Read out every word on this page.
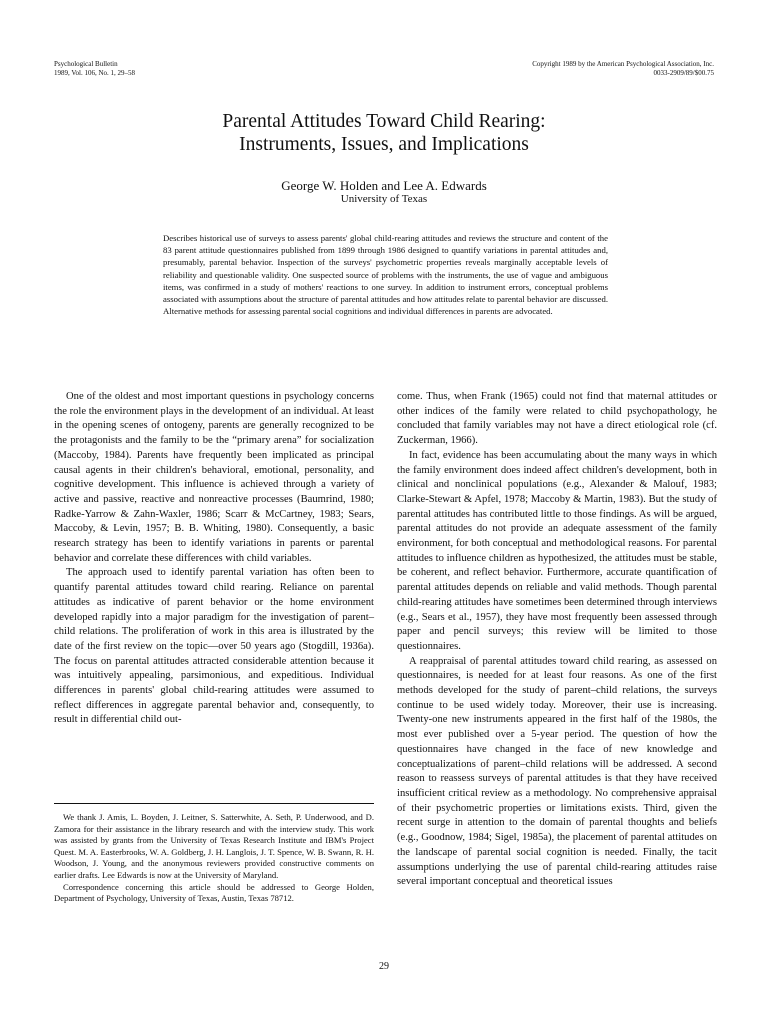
Psychological Bulletin
1989, Vol. 106, No. 1, 29–58
Copyright 1989 by the American Psychological Association, Inc.
0033-2909/89/$00.75
Parental Attitudes Toward Child Rearing:
Instruments, Issues, and Implications
George W. Holden and Lee A. Edwards
University of Texas
Describes historical use of surveys to assess parents' global child-rearing attitudes and reviews the structure and content of the 83 parent attitude questionnaires published from 1899 through 1986 designed to quantify variations in parental attitudes and, presumably, parental behavior. Inspection of the surveys' psychometric properties reveals marginally acceptable levels of reliability and questionable validity. One suspected source of problems with the instruments, the use of vague and ambiguous items, was confirmed in a study of mothers' reactions to one survey. In addition to instrument errors, conceptual problems associated with assumptions about the structure of parental attitudes and how attitudes relate to parental behavior are discussed. Alternative methods for assessing parental social cognitions and individual differences in parents are advocated.

One of the oldest and most important questions in psychology concerns the role the environment plays in the development of an individual. At least in the opening scenes of ontogeny, parents are generally recognized to be the protagonists and the family to be the “primary arena” for socialization (Maccoby, 1984). Parents have frequently been implicated as principal causal agents in their children's behavioral, emotional, personality, and cognitive development. This influence is achieved through a variety of active and passive, reactive and nonreactive processes (Baumrind, 1980; Radke-Yarrow & Zahn-Waxler, 1986; Scarr & McCartney, 1983; Sears, Maccoby, & Levin, 1957; B. B. Whiting, 1980). Consequently, a basic research strategy has been to identify variations in parents or parental behavior and correlate these differences with child variables.

The approach used to identify parental variation has often been to quantify parental attitudes toward child rearing. Reliance on parental attitudes as indicative of parent behavior or the home environment developed rapidly into a major paradigm for the investigation of parent–child relations. The proliferation of work in this area is illustrated by the date of the first review on the topic—over 50 years ago (Stogdill, 1936a). The focus on parental attitudes attracted considerable attention because it was intuitively appealing, parsimonious, and expeditious. Individual differences in parents' global child-rearing attitudes were assumed to reflect differences in aggregate parental behavior and, consequently, to result in differential child out-

come. Thus, when Frank (1965) could not find that maternal attitudes or other indices of the family were related to child psychopathology, he concluded that family variables may not have a direct etiological role (cf. Zuckerman, 1966).

In fact, evidence has been accumulating about the many ways in which the family environment does indeed affect children's development, both in clinical and nonclinical populations (e.g., Alexander & Malouf, 1983; Clarke-Stewart & Apfel, 1978; Maccoby & Martin, 1983). But the study of parental attitudes has contributed little to those findings. As will be argued, parental attitudes do not provide an adequate assessment of the family environment, for both conceptual and methodological reasons. For parental attitudes to influence children as hypothesized, the attitudes must be stable, be coherent, and reflect behavior. Furthermore, accurate quantification of parental attitudes depends on reliable and valid methods. Though parental child-rearing attitudes have sometimes been determined through interviews (e.g., Sears et al., 1957), they have most frequently been assessed through paper and pencil surveys; this review will be limited to those questionnaires.

A reappraisal of parental attitudes toward child rearing, as assessed on questionnaires, is needed for at least four reasons. As one of the first methods developed for the study of parent–child relations, the surveys continue to be used widely today. Moreover, their use is increasing. Twenty-one new instruments appeared in the first half of the 1980s, the most ever published over a 5-year period. The question of how the questionnaires have changed in the face of new knowledge and conceptualizations of parent–child relations will be addressed. A second reason to reassess surveys of parental attitudes is that they have received insufficient critical review as a methodology. No comprehensive appraisal of their psychometric properties or limitations exists. Third, given the recent surge in attention to the domain of parental thoughts and beliefs (e.g., Goodnow, 1984; Sigel, 1985a), the placement of parental attitudes on the landscape of parental social cognition is needed. Finally, the tacit assumptions underlying the use of parental child-rearing attitudes raise several important conceptual and theoretical issues

We thank J. Amis, L. Boyden, J. Leitner, S. Satterwhite, A. Seth, P. Underwood, and D. Zamora for their assistance in the library research and with the interview study. This work was assisted by grants from the University of Texas Research Institute and IBM's Project Quest. M. A. Easterbrooks, W. A. Goldberg, J. H. Langlois, J. T. Spence, W. B. Swann, R. H. Woodson, J. Young, and the anonymous reviewers provided constructive comments on earlier drafts. Lee Edwards is now at the University of Maryland.

Correspondence concerning this article should be addressed to George Holden, Department of Psychology, University of Texas, Austin, Texas 78712.

29
